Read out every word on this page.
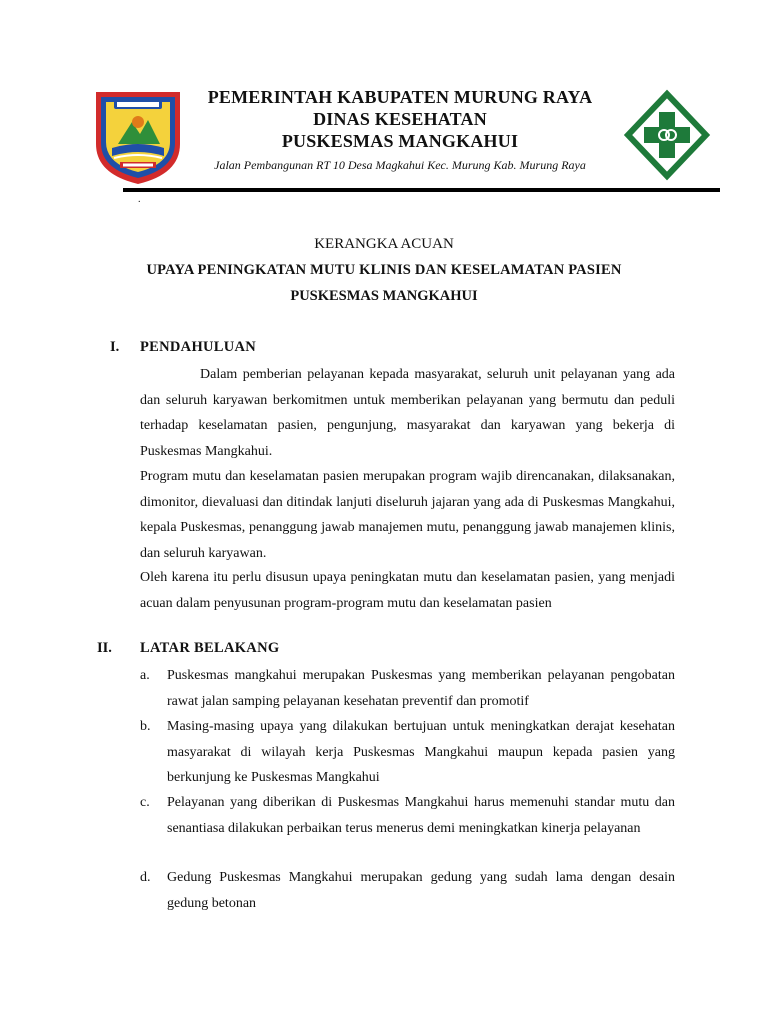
PEMERINTAH KABUPATEN MURUNG RAYA
DINAS KESEHATAN
PUSKESMAS MANGKAHUI
Jalan Pembangunan RT 10 Desa Magkahui Kec. Murung Kab. Murung Raya
.
KERANGKA ACUAN
UPAYA PENINGKATAN MUTU KLINIS DAN KESELAMATAN PASIEN
PUSKESMAS MANGKAHUI
I. PENDAHULUAN
Dalam pemberian pelayanan kepada masyarakat, seluruh unit pelayanan yang ada dan seluruh karyawan berkomitmen untuk memberikan pelayanan yang bermutu dan peduli terhadap keselamatan pasien, pengunjung, masyarakat dan karyawan yang bekerja di Puskesmas Mangkahui.
Program mutu dan keselamatan pasien merupakan program wajib direncanakan, dilaksanakan, dimonitor, dievaluasi dan ditindak lanjuti diseluruh jajaran yang ada di Puskesmas Mangkahui, kepala Puskesmas, penanggung jawab manajemen mutu, penanggung jawab manajemen klinis, dan seluruh karyawan.
Oleh karena itu perlu disusun upaya peningkatan mutu dan keselamatan pasien, yang menjadi acuan dalam penyusunan program-program mutu dan keselamatan pasien
II. LATAR BELAKANG
a.	Puskesmas mangkahui merupakan Puskesmas yang memberikan pelayanan pengobatan rawat jalan samping pelayanan kesehatan preventif dan promotif
b.	Masing-masing upaya yang dilakukan bertujuan untuk meningkatkan derajat kesehatan masyarakat di wilayah kerja Puskesmas Mangkahui maupun kepada pasien yang berkunjung ke Puskesmas Mangkahui
c.	Pelayanan yang diberikan di Puskesmas Mangkahui harus memenuhi standar mutu dan senantiasa dilakukan perbaikan terus menerus demi meningkatkan kinerja pelayanan
d.	Gedung Puskesmas Mangkahui merupakan gedung yang sudah lama dengan desain gedung betonan
